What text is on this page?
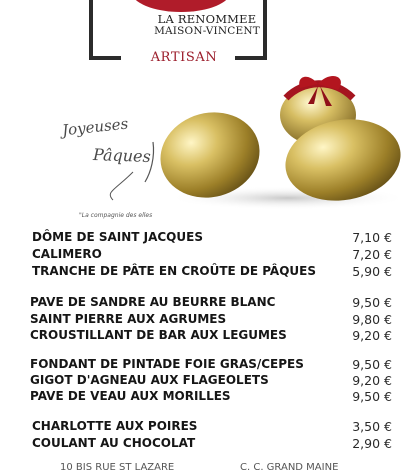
LA RENOMMEE
MAISON-VINCENT
ARTISAN
Joyeuses
Pâques
"La compagnie des elles
DÔME DE SAINT JACQUES	7,10 €
CALIMERO	7,20 €
TRANCHE DE PÂTE EN CROÛTE DE PÂQUES	5,90 €
PAVE DE SANDRE AU BEURRE BLANC	9,50 €
SAINT PIERRE AUX AGRUMES	9,80 €
CROUSTILLANT DE BAR AUX LEGUMES	9,20 €
FONDANT DE PINTADE FOIE GRAS/CEPES	9,50 €
GIGOT D'AGNEAU AUX FLAGEOLETS	9,20 €
PAVE DE VEAU AUX MORILLES	9,50 €
CHARLOTTE AUX POIRES	3,50 €
COULANT AU CHOCOLAT	2,90 €
10 BIS RUE ST LAZARE	C. C. GRAND MAINE
